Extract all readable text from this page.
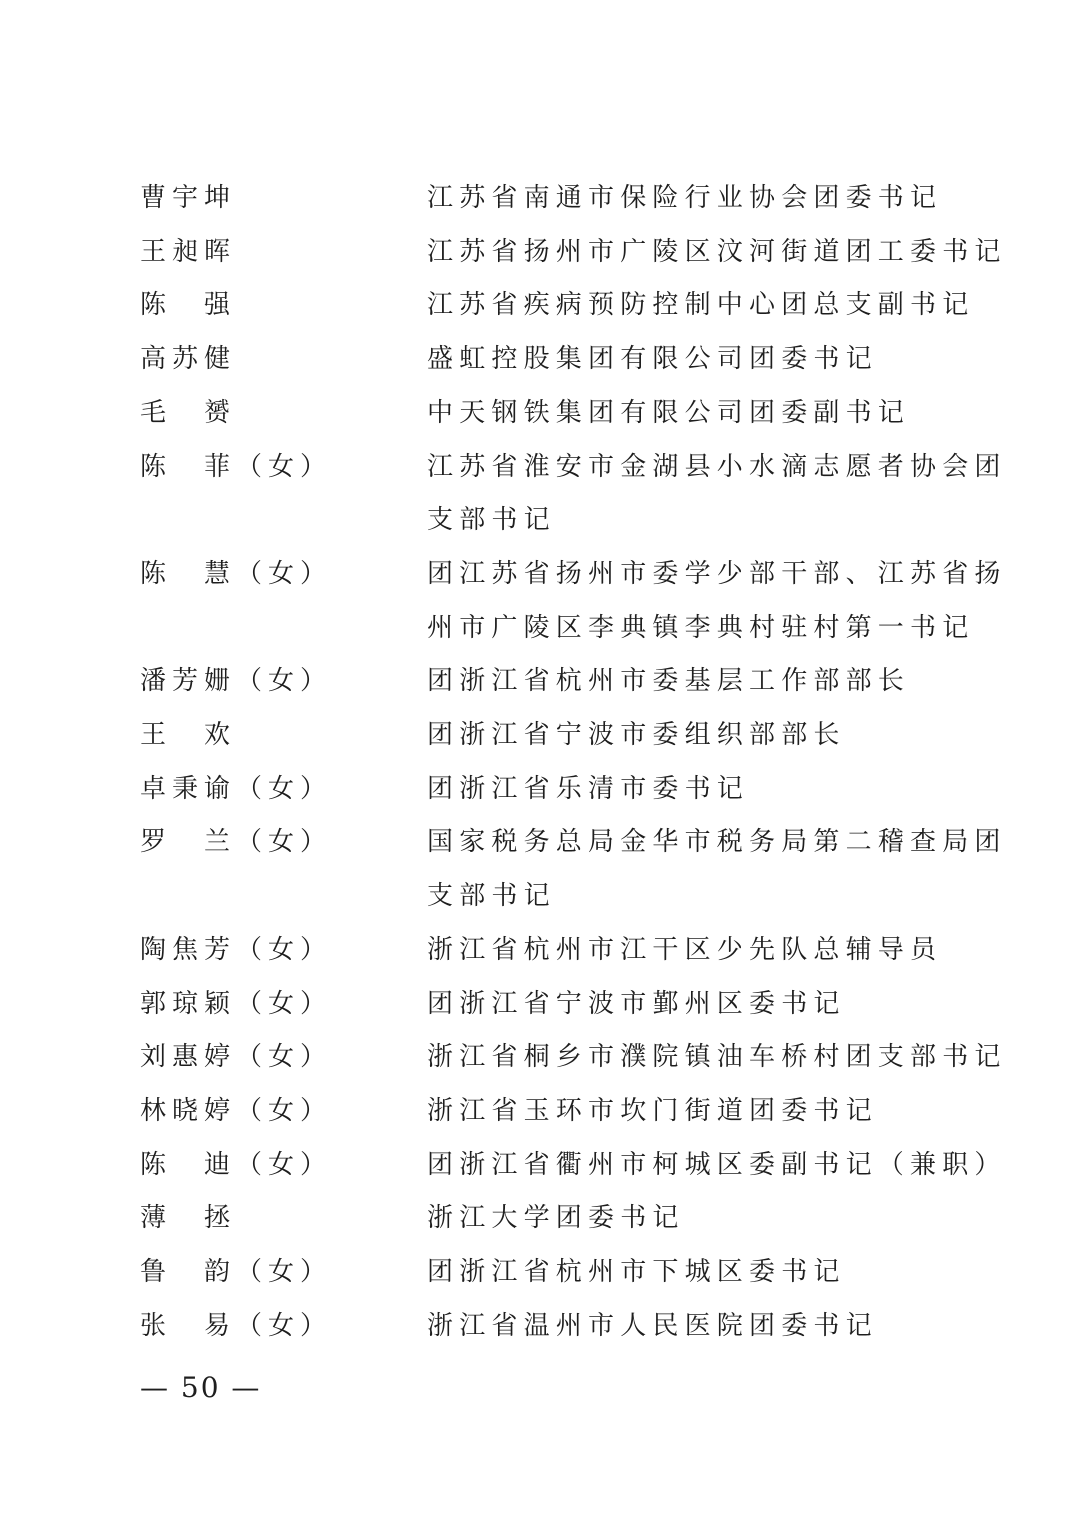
曹宇坤	江苏省南通市保险行业协会团委书记
王昶晖	江苏省扬州市广陵区汶河街道团工委书记
陈　强	江苏省疾病预防控制中心团总支副书记
高苏健	盛虹控股集团有限公司团委书记
毛　赟	中天钢铁集团有限公司团委副书记
陈　菲（女）	江苏省淮安市金湖县小水滴志愿者协会团
支部书记
陈　慧（女）	团江苏省扬州市委学少部干部、江苏省扬
州市广陵区李典镇李典村驻村第一书记
潘芳姗（女）	团浙江省杭州市委基层工作部部长
王　欢	团浙江省宁波市委组织部部长
卓秉谕（女）	团浙江省乐清市委书记
罗　兰（女）	国家税务总局金华市税务局第二稽查局团
支部书记
陶焦芳（女）	浙江省杭州市江干区少先队总辅导员
郭琼颖（女）	团浙江省宁波市鄞州区委书记
刘惠婷（女）	浙江省桐乡市濮院镇油车桥村团支部书记
林晓婷（女）	浙江省玉环市坎门街道团委书记
陈　迪（女）	团浙江省衢州市柯城区委副书记（兼职）
薄　拯	浙江大学团委书记
鲁　韵（女）	团浙江省杭州市下城区委书记
张　易（女）	浙江省温州市人民医院团委书记
— 50 —
